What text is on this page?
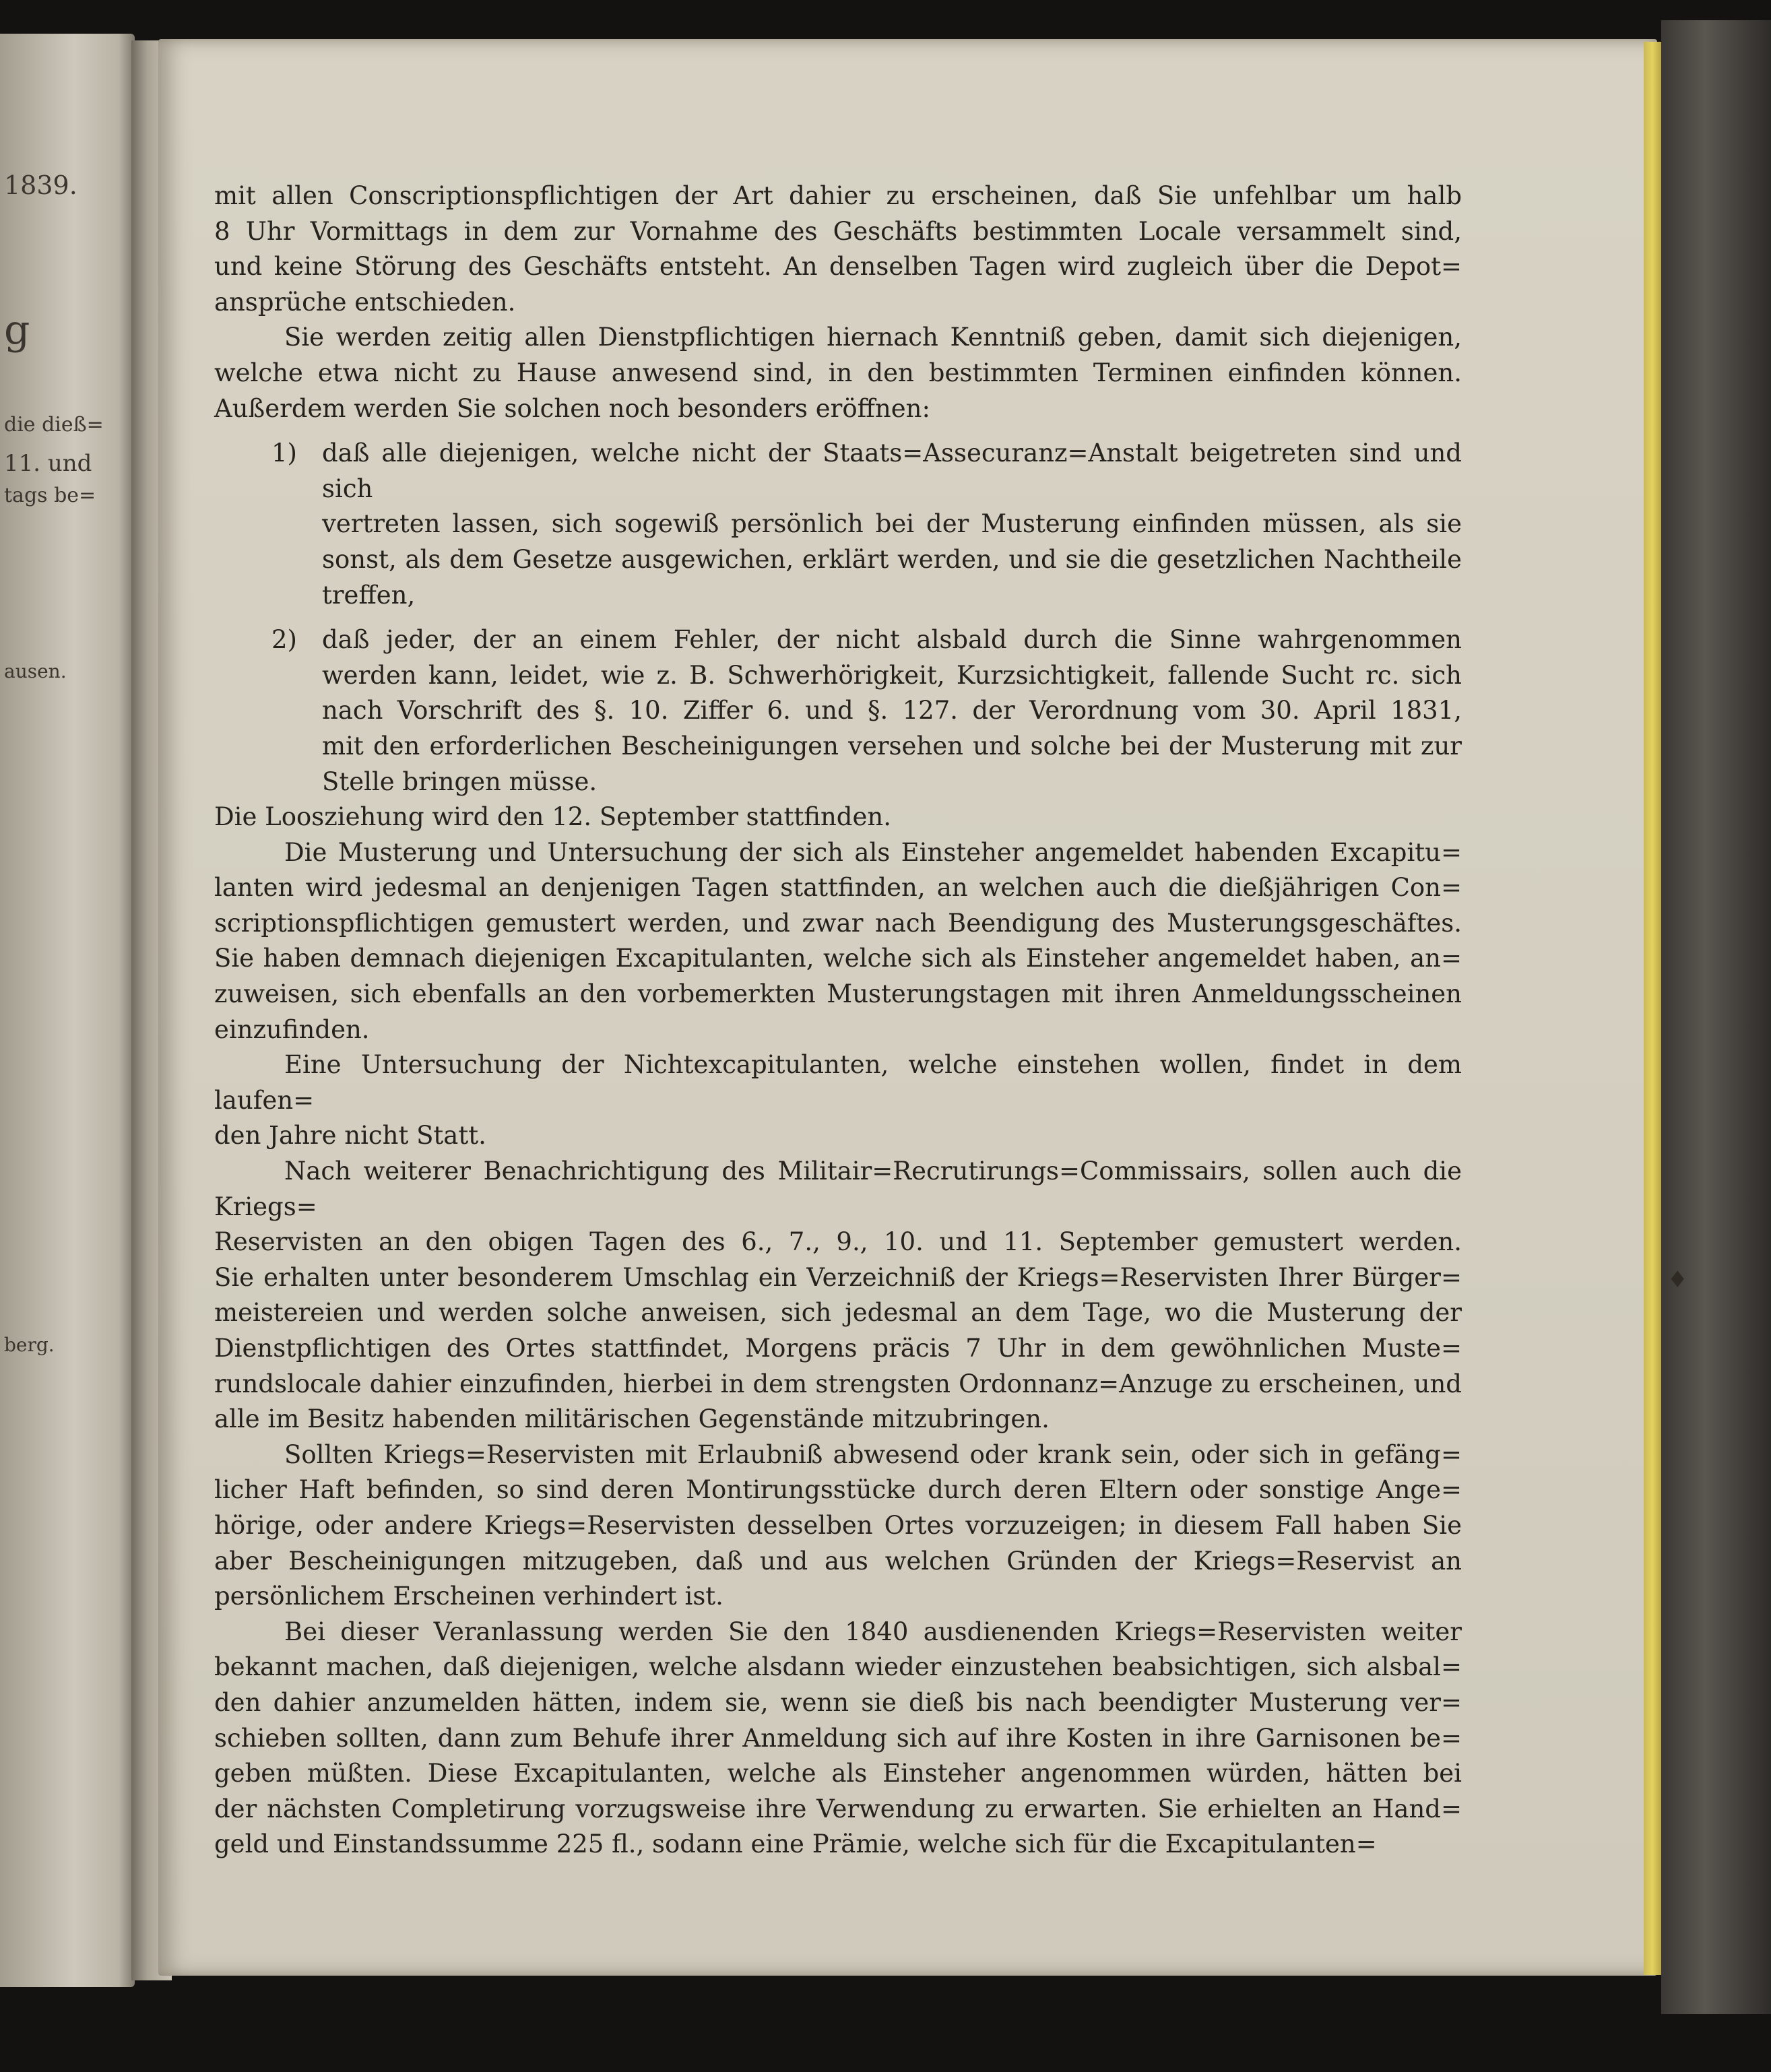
1839.
g
die dieß=
11. und
tags be=
ausen.
berg.

mit allen Conscriptionspflichtigen der Art dahier zu erscheinen, daß Sie unfehlbar um halb

8 Uhr Vormittags in dem zur Vornahme des Geschäfts bestimmten Locale versammelt sind,

und keine Störung des Geschäfts entsteht. An denselben Tagen wird zugleich über die Depot=

ansprüche entschieden.

Sie werden zeitig allen Dienstpflichtigen hiernach Kenntniß geben, damit sich diejenigen,

welche etwa nicht zu Hause anwesend sind, in den bestimmten Terminen einfinden können.

Außerdem werden Sie solchen noch besonders eröffnen:

1) daß alle diejenigen, welche nicht der Staats=Assecuranz=Anstalt beigetreten sind und sich

vertreten lassen, sich sogewiß persönlich bei der Musterung einfinden müssen, als sie

sonst, als dem Gesetze ausgewichen, erklärt werden, und sie die gesetzlichen Nachtheile

treffen,

2) daß jeder, der an einem Fehler, der nicht alsbald durch die Sinne wahrgenommen

werden kann, leidet, wie z. B. Schwerhörigkeit, Kurzsichtigkeit, fallende Sucht rc. sich

nach Vorschrift des §. 10. Ziffer 6. und §. 127. der Verordnung vom 30. April 1831,

mit den erforderlichen Bescheinigungen versehen und solche bei der Musterung mit zur

Stelle bringen müsse.

Die Loosziehung wird den 12. September stattfinden.

Die Musterung und Untersuchung der sich als Einsteher angemeldet habenden Excapitu=

lanten wird jedesmal an denjenigen Tagen stattfinden, an welchen auch die dießjährigen Con=

scriptionspflichtigen gemustert werden, und zwar nach Beendigung des Musterungsgeschäftes.

Sie haben demnach diejenigen Excapitulanten, welche sich als Einsteher angemeldet haben, an=

zuweisen, sich ebenfalls an den vorbemerkten Musterungstagen mit ihren Anmeldungsscheinen

einzufinden.

Eine Untersuchung der Nichtexcapitulanten, welche einstehen wollen, findet in dem laufen=

den Jahre nicht Statt.

Nach weiterer Benachrichtigung des Militair=Recrutirungs=Commissairs, sollen auch die Kriegs=

Reservisten an den obigen Tagen des 6., 7., 9., 10. und 11. September gemustert werden.

Sie erhalten unter besonderem Umschlag ein Verzeichniß der Kriegs=Reservisten Ihrer Bürger=

meistereien und werden solche anweisen, sich jedesmal an dem Tage, wo die Musterung der

Dienstpflichtigen des Ortes stattfindet, Morgens präcis 7 Uhr in dem gewöhnlichen Muste=

rundslocale dahier einzufinden, hierbei in dem strengsten Ordonnanz=Anzuge zu erscheinen, und

alle im Besitz habenden militärischen Gegenstände mitzubringen.

Sollten Kriegs=Reservisten mit Erlaubniß abwesend oder krank sein, oder sich in gefäng=

licher Haft befinden, so sind deren Montirungsstücke durch deren Eltern oder sonstige Ange=

hörige, oder andere Kriegs=Reservisten desselben Ortes vorzuzeigen; in diesem Fall haben Sie

aber Bescheinigungen mitzugeben, daß und aus welchen Gründen der Kriegs=Reservist an

persönlichem Erscheinen verhindert ist.

Bei dieser Veranlassung werden Sie den 1840 ausdienenden Kriegs=Reservisten weiter

bekannt machen, daß diejenigen, welche alsdann wieder einzustehen beabsichtigen, sich alsbal=

den dahier anzumelden hätten, indem sie, wenn sie dieß bis nach beendigter Musterung ver=

schieben sollten, dann zum Behufe ihrer Anmeldung sich auf ihre Kosten in ihre Garnisonen be=

geben müßten. Diese Excapitulanten, welche als Einsteher angenommen würden, hätten bei

der nächsten Completirung vorzugsweise ihre Verwendung zu erwarten. Sie erhielten an Hand=

geld und Einstandssumme 225 fl., sodann eine Prämie, welche sich für die Excapitulanten=

♦
